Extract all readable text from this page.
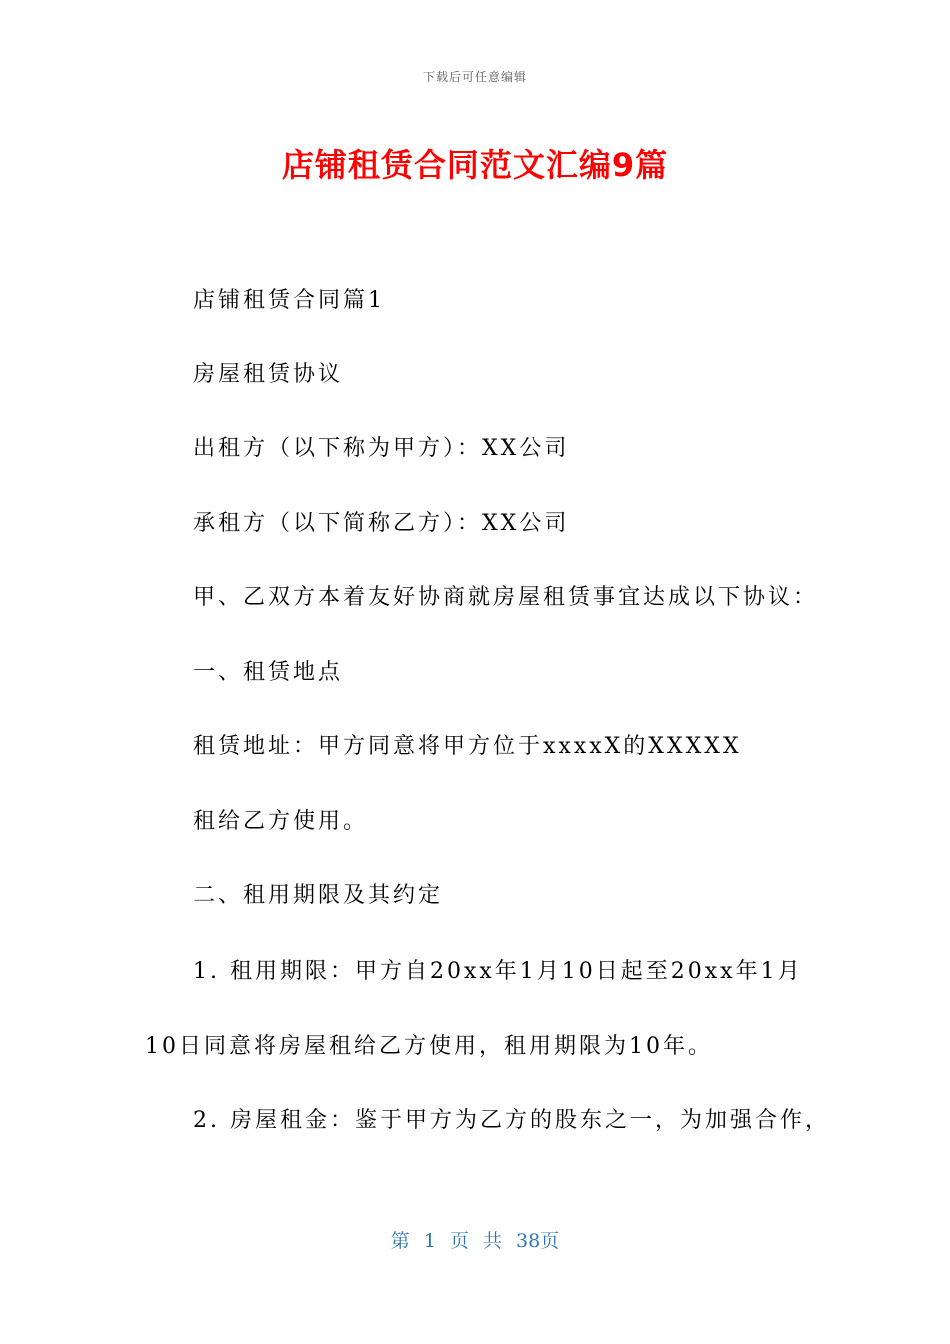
下载后可任意编辑
店铺租赁合同范文汇编9篇
店铺租赁合同篇1
房屋租赁协议
出租方（以下称为甲方）：XX公司
承租方（以下简称乙方）：XX公司
甲、乙双方本着友好协商就房屋租赁事宜达成以下协议：
一、租赁地点
租赁地址：甲方同意将甲方位于xxxxX的XXXXX
租给乙方使用。
二、租用期限及其约定
1. 租用期限：甲方自20xx年1月10日起至20xx年1月
10日同意将房屋租给乙方使用，租用期限为10年。
2. 房屋租金：鉴于甲方为乙方的股东之一，为加强合作，
第 1 页 共 38页
